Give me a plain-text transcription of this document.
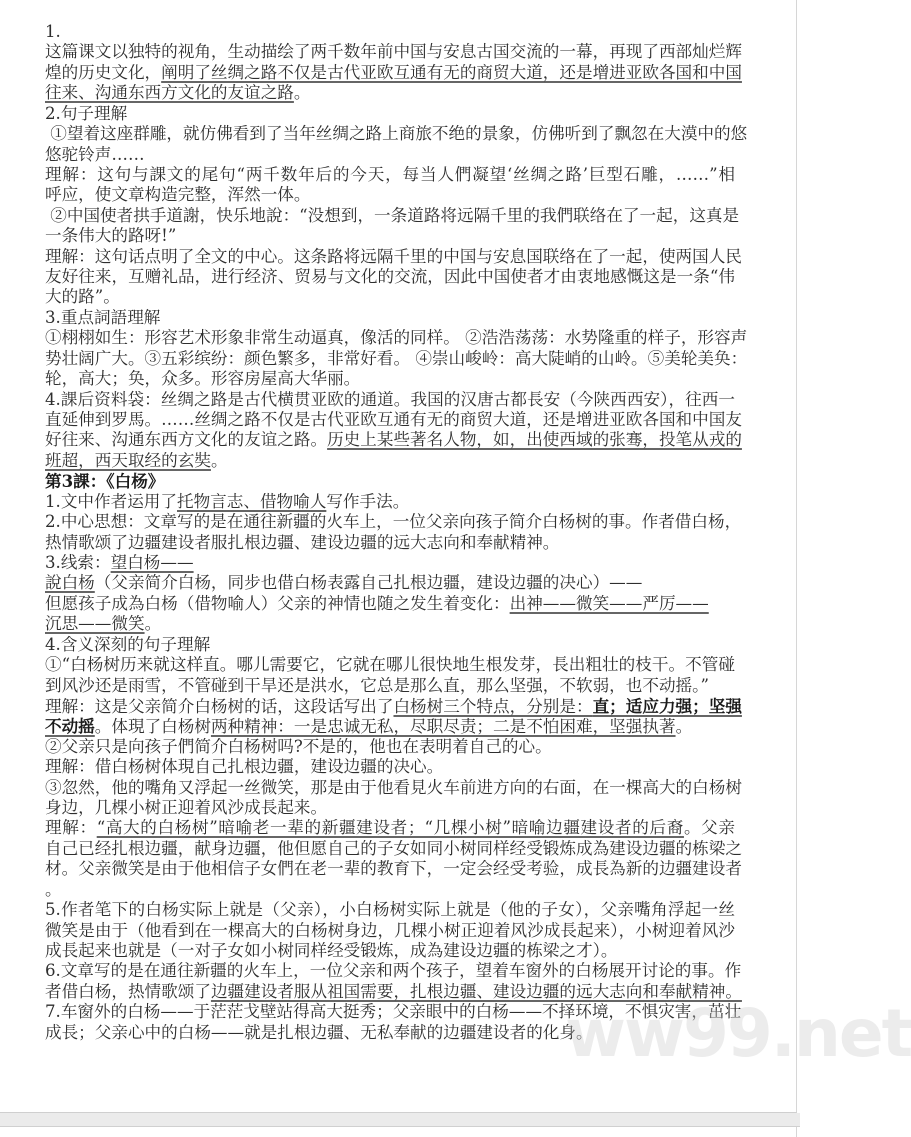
1.
这篇课文以独特的视角，生动描绘了两千数年前中国与安息古国交流的一幕，再现了西部灿烂辉
煌的历史文化，阐明了丝绸之路不仅是古代亚欧互通有无的商贸大道，还是增进亚欧各国和中国
往来、沟通东西方文化的友谊之路。
2.句子理解
①望着这座群雕，就仿佛看到了当年丝绸之路上商旅不绝的景象，仿佛听到了飘忽在大漠中的悠
悠驼铃声……
理解：这句与課文的尾句“两千数年后的今天，每当人們凝望‘丝绸之路’巨型石雕，……”相
呼应，使文章构造完整，浑然一体。
②中国使者拱手道謝，快乐地說：“没想到，一条道路将远隔千里的我們联络在了一起，这真是
一条伟大的路呀!”
理解：这句话点明了全文的中心。这条路将远隔千里的中国与安息国联络在了一起，使两国人民
友好往来，互赠礼品，进行经济、贸易与文化的交流，因此中国使者才由衷地感慨这是一条“伟
大的路”。
3.重点詞語理解
①栩栩如生：形容艺术形象非常生动逼真，像活的同样。 ②浩浩荡荡：水势隆重的样子，形容声
势壮阔广大。③五彩缤纷：颜色繁多，非常好看。 ④崇山峻岭：高大陡峭的山岭。⑤美轮美奂：
轮，高大；奂，众多。形容房屋高大华丽。
4.課后资料袋：丝绸之路是古代横贯亚欧的通道。我国的汉唐古都長安（今陕西西安），往西一
直延伸到罗馬。……丝绸之路不仅是古代亚欧互通有无的商贸大道，还是增进亚欧各国和中国友
好往来、沟通东西方文化的友谊之路。历史上某些著名人物，如，出使西域的张骞，投笔从戎的
班超，西天取经的玄奘。
第3課：《白杨》
1.文中作者运用了托物言志、借物喻人写作手法。
2.中心思想：文章写的是在通往新疆的火车上，一位父亲向孩子简介白杨树的事。作者借白杨，
热情歌颂了边疆建设者服扎根边疆、建设边疆的远大志向和奉献精神。
3.线索：望白杨——
說白杨（父亲简介白杨，同步也借白杨表露自己扎根边疆，建设边疆的决心）——
但愿孩子成為白杨（借物喻人）父亲的神情也随之发生着变化：出神——微笑——严厉——
沉思——微笑。
4.含义深刻的句子理解
①“白杨树历来就这样直。哪儿需要它，它就在哪儿很快地生根发芽，長出粗壮的枝干。不管碰
到风沙还是雨雪，不管碰到干旱还是洪水，它总是那么直，那么坚强，不软弱，也不动摇。”
理解：这是父亲简介白杨树的话，这段话写出了白杨树三个特点，分别是：直；适应力强；坚强
不动摇。体現了白杨树两种精神：一是忠诚无私，尽职尽责；二是不怕困难，坚强执著。
②父亲只是向孩子們简介白杨树吗?不是的，他也在表明着自己的心。
理解：借白杨树体現自己扎根边疆，建设边疆的决心。
③忽然，他的嘴角又浮起一丝微笑，那是由于他看見火车前进方向的右面，在一棵高大的白杨树
身边，几棵小树正迎着风沙成長起来。
理解：“高大的白杨树”暗喻老一辈的新疆建设者；“几棵小树”暗喻边疆建设者的后裔。父亲
自己已经扎根边疆，献身边疆，他但愿自己的子女如同小树同样经受锻炼成為建设边疆的栋梁之
材。父亲微笑是由于他相信子女們在老一辈的教育下，一定会经受考验，成長為新的边疆建设者
。
5.作者笔下的白杨实际上就是（父亲），小白杨树实际上就是（他的子女），父亲嘴角浮起一丝
微笑是由于（他看到在一棵高大的白杨树身边，几棵小树正迎着风沙成長起来），小树迎着风沙
成長起来也就是（一对子女如小树同样经受锻炼，成為建设边疆的栋梁之才）。
6.文章写的是在通往新疆的火车上，一位父亲和两个孩子，望着车窗外的白杨展开讨论的事。作
者借白杨，热情歌颂了边疆建设者服从祖国需要，扎根边疆、建设边疆的远大志向和奉献精神。
7.车窗外的白杨——于茫茫戈壁站得高大挺秀；父亲眼中的白杨——不择环境，不惧灾害，茁壮
成長；父亲心中的白杨——就是扎根边疆、无私奉献的边疆建设者的化身。
ww99.net
